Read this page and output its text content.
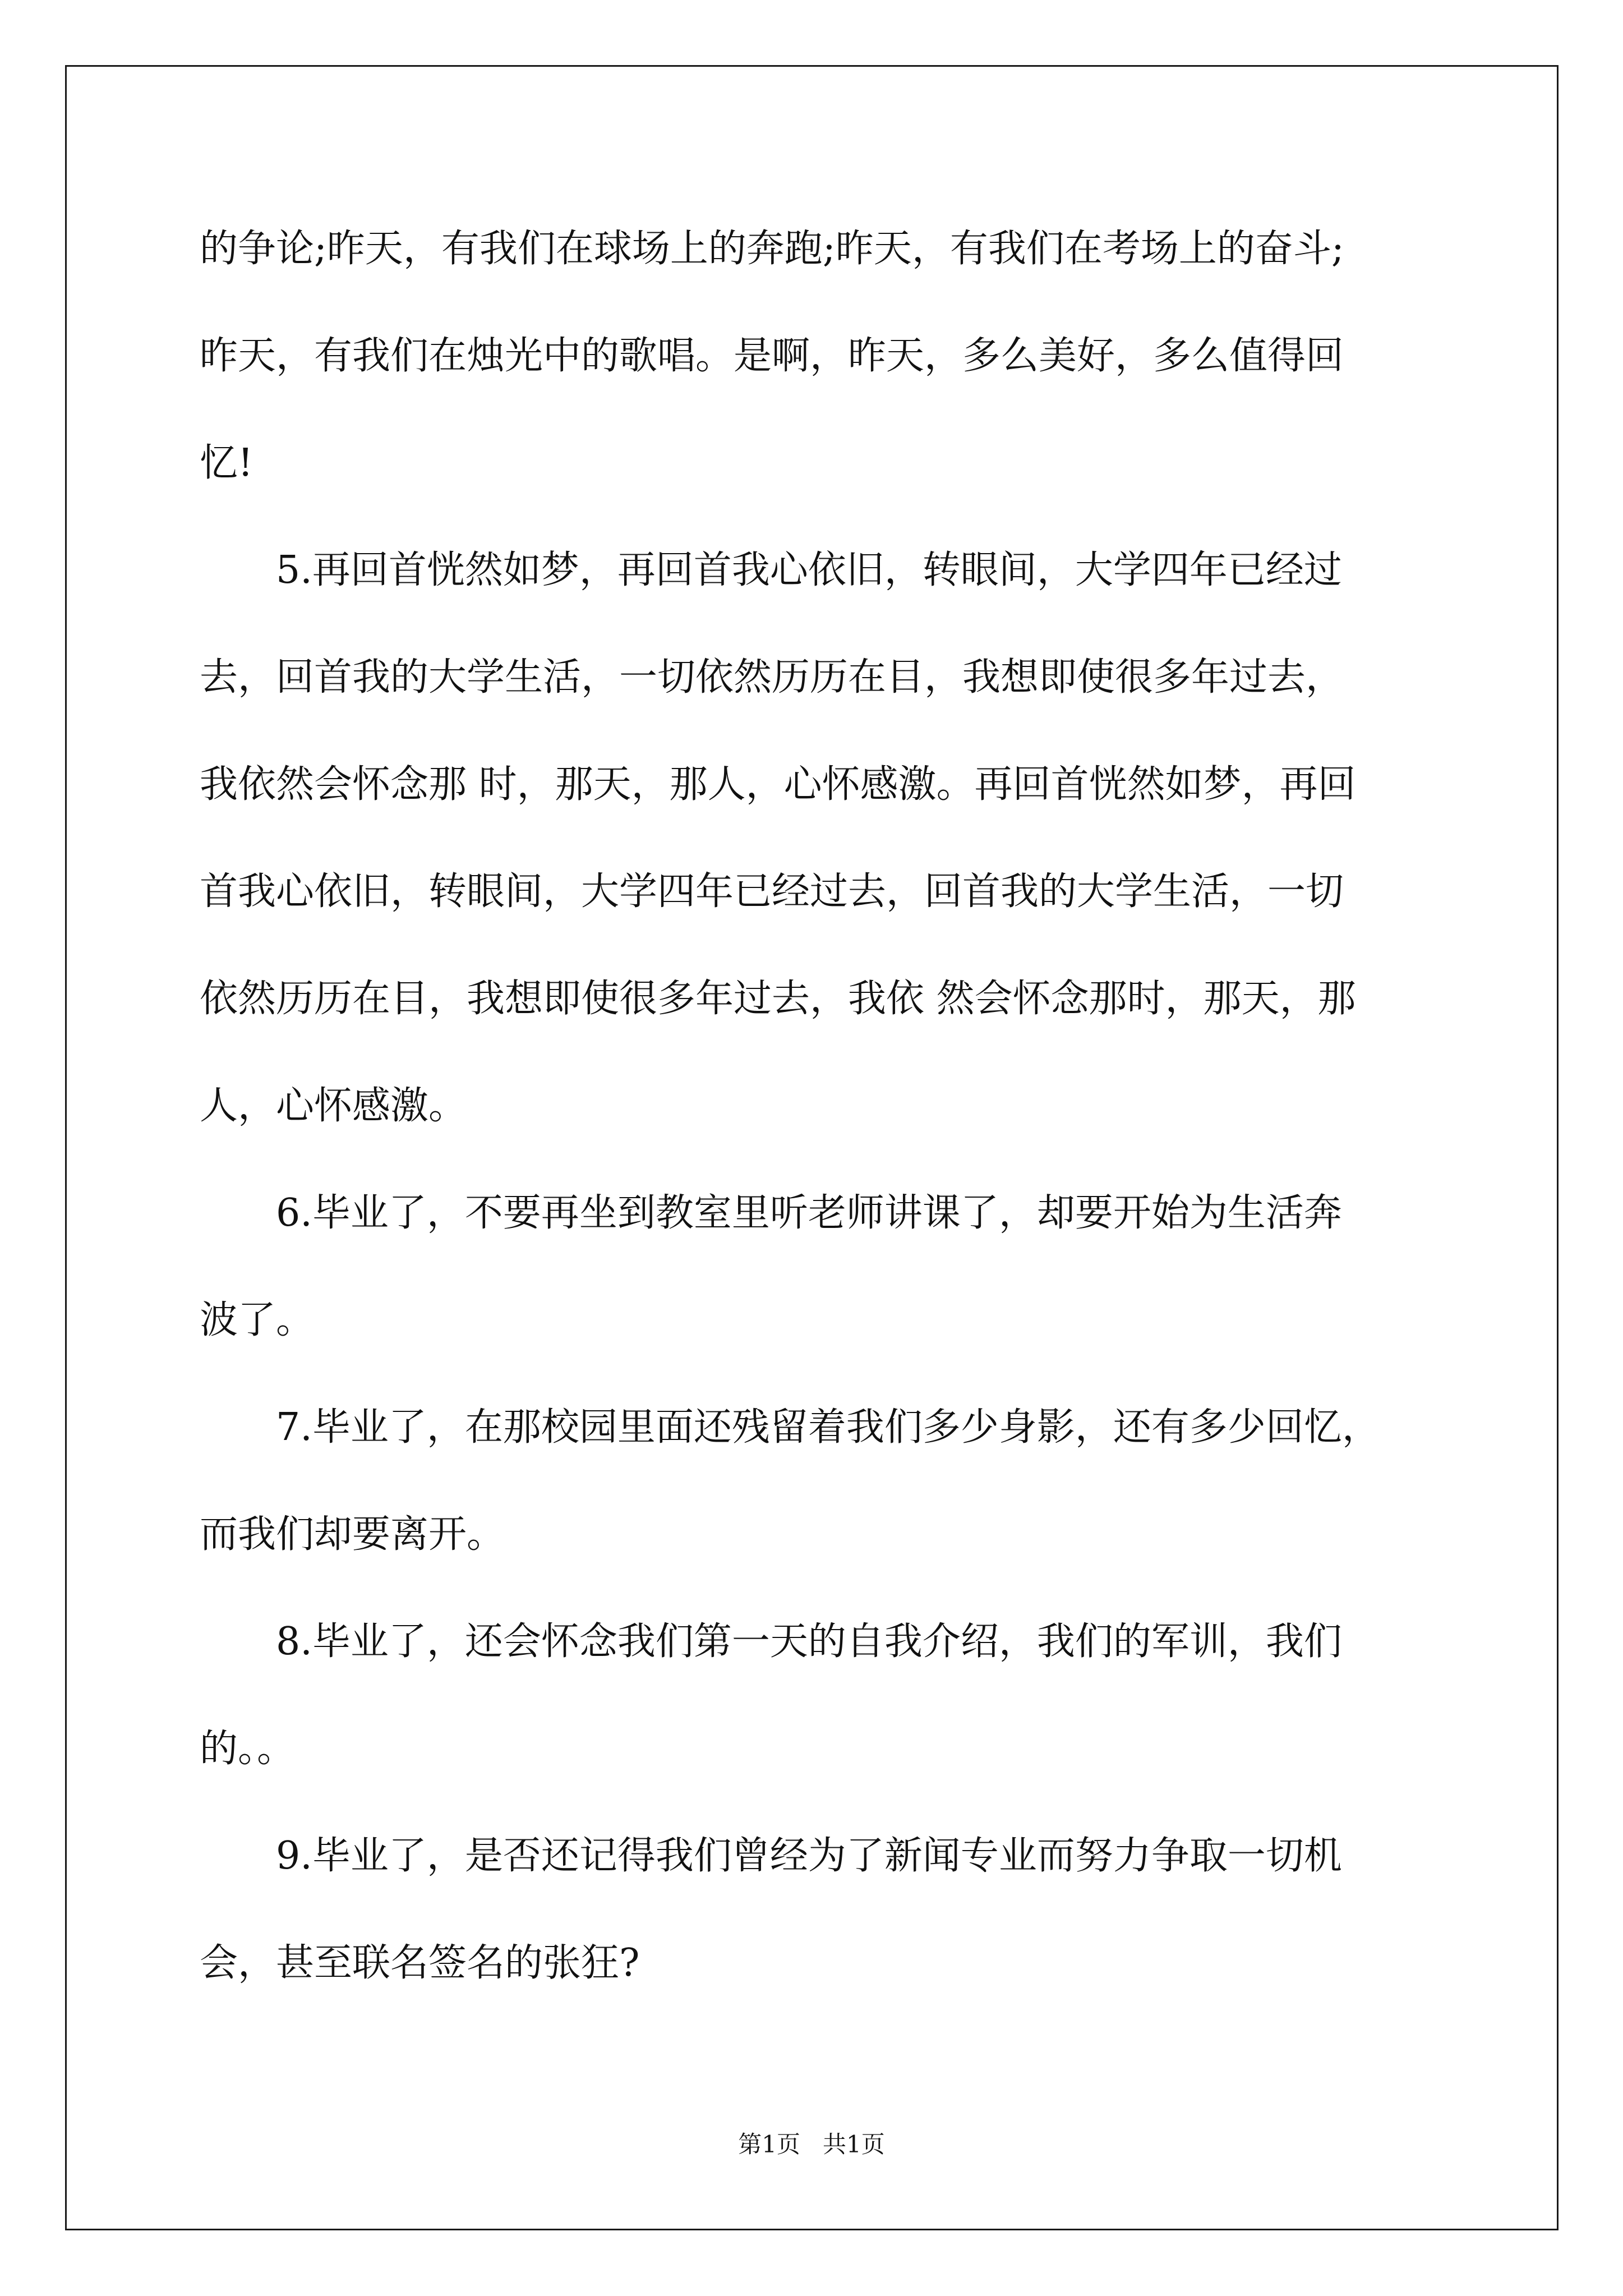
的争论;昨天，有我们在球场上的奔跑;昨天，有我们在考场上的奋斗;
昨天，有我们在烛光中的歌唱。是啊，昨天，多么美好，多么值得回
忆!
5.再回首恍然如梦，再回首我心依旧，转眼间，大学四年已经过
去，回首我的大学生活，一切依然历历在目，我想即使很多年过去，
我依然会怀念那 时，那天，那人，心怀感激。再回首恍然如梦，再回
首我心依旧，转眼间，大学四年已经过去，回首我的大学生活，一切
依然历历在目，我想即使很多年过去，我依 然会怀念那时，那天，那
人，心怀感激。
6.毕业了，不要再坐到教室里听老师讲课了，却要开始为生活奔
波了。
7.毕业了，在那校园里面还残留着我们多少身影，还有多少回忆，
而我们却要离开。
8.毕业了，还会怀念我们第一天的自我介绍，我们的军训，我们
的。。
9.毕业了，是否还记得我们曾经为了新闻专业而努力争取一切机
会，甚至联名签名的张狂?
第1页   共1页
